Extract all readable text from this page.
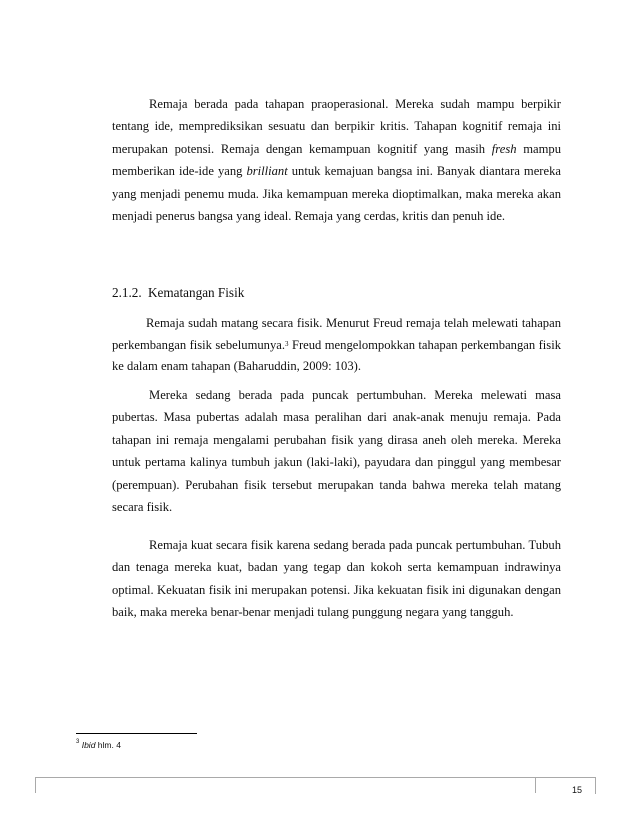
Remaja berada pada tahapan praoperasional. Mereka sudah mampu berpikir tentang ide, memprediksikan sesuatu dan berpikir kritis. Tahapan kognitif remaja ini merupakan potensi. Remaja dengan kemampuan kognitif yang masih fresh mampu memberikan ide-ide yang brilliant untuk kemajuan bangsa ini. Banyak diantara mereka yang menjadi penemu muda. Jika kemampuan mereka dioptimalkan, maka mereka akan menjadi penerus bangsa yang ideal. Remaja yang cerdas, kritis dan penuh ide.

2.1.2. Kematangan Fisik

Remaja sudah matang secara fisik. Menurut Freud remaja telah melewati tahapan perkembangan fisik sebelumunya.$^3$ Freud mengelompokkan tahapan perkembangan fisik ke dalam enam tahapan (Baharuddin, 2009: 103).

Mereka sedang berada pada puncak pertumbuhan. Mereka melewati masa pubertas. Masa pubertas adalah masa peralihan dari anak-anak menuju remaja. Pada tahapan ini remaja mengalami perubahan fisik yang dirasa aneh oleh mereka. Mereka untuk pertama kalinya tumbuh jakun (laki-laki), payudara dan pinggul yang membesar (perempuan). Perubahan fisik tersebut merupakan tanda bahwa mereka telah matang secara fisik.

Remaja kuat secara fisik karena sedang berada pada puncak pertumbuhan. Tubuh dan tenaga mereka kuat, badan yang tegap dan kokoh serta kemampuan indrawinya optimal. Kekuatan fisik ini merupakan potensi. Jika kekuatan fisik ini digunakan dengan baik, maka mereka benar-benar menjadi tulang punggung negara yang tangguh.

$^3$ Ibid hlm. 4
15
